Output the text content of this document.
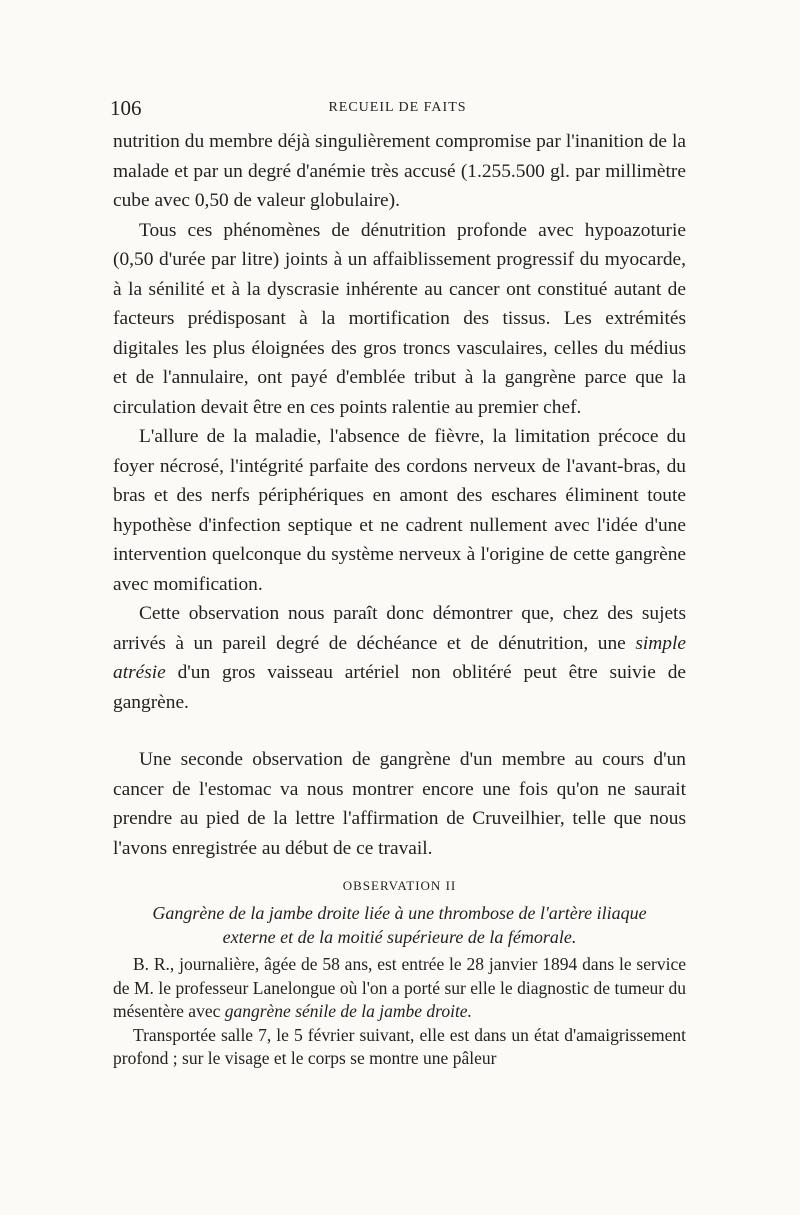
106	RECUEIL DE FAITS

nutrition du membre déjà singulièrement compromise par l'inanition de la malade et par un degré d'anémie très accusé (1.255.500 gl. par millimètre cube avec 0,50 de valeur globulaire).

Tous ces phénomènes de dénutrition profonde avec hypoazoturie (0,50 d'urée par litre) joints à un affaiblissement progressif du myocarde, à la sénilité et à la dyscrasie inhérente au cancer ont constitué autant de facteurs prédisposant à la mortification des tissus. Les extrémités digitales les plus éloignées des gros troncs vasculaires, celles du médius et de l'annulaire, ont payé d'emblée tribut à la gangrène parce que la circulation devait être en ces points ralentie au premier chef.

L'allure de la maladie, l'absence de fièvre, la limitation précoce du foyer nécrosé, l'intégrité parfaite des cordons nerveux de l'avant-bras, du bras et des nerfs périphériques en amont des eschares éliminent toute hypothèse d'infection septique et ne cadrent nullement avec l'idée d'une intervention quelconque du système nerveux à l'origine de cette gangrène avec momification.

Cette observation nous paraît donc démontrer que, chez des sujets arrivés à un pareil degré de déchéance et de dénutrition, une simple atrésie d'un gros vaisseau artériel non oblitéré peut être suivie de gangrène.

Une seconde observation de gangrène d'un membre au cours d'un cancer de l'estomac va nous montrer encore une fois qu'on ne saurait prendre au pied de la lettre l'affirmation de Cruveilhier, telle que nous l'avons enregistrée au début de ce travail.

OBSERVATION II
Gangrène de la jambe droite liée à une thrombose de l'artère iliaque
externe et de la moitié supérieure de la fémorale.

B. R., journalière, âgée de 58 ans, est entrée le 28 janvier 1894 dans le service de M. le professeur Lanelongue où l'on a porté sur elle le diagnostic de tumeur du mésentère avec gangrène sénile de la jambe droite.

Transportée salle 7, le 5 février suivant, elle est dans un état d'amaigrissement profond ; sur le visage et le corps se montre une pâleur
